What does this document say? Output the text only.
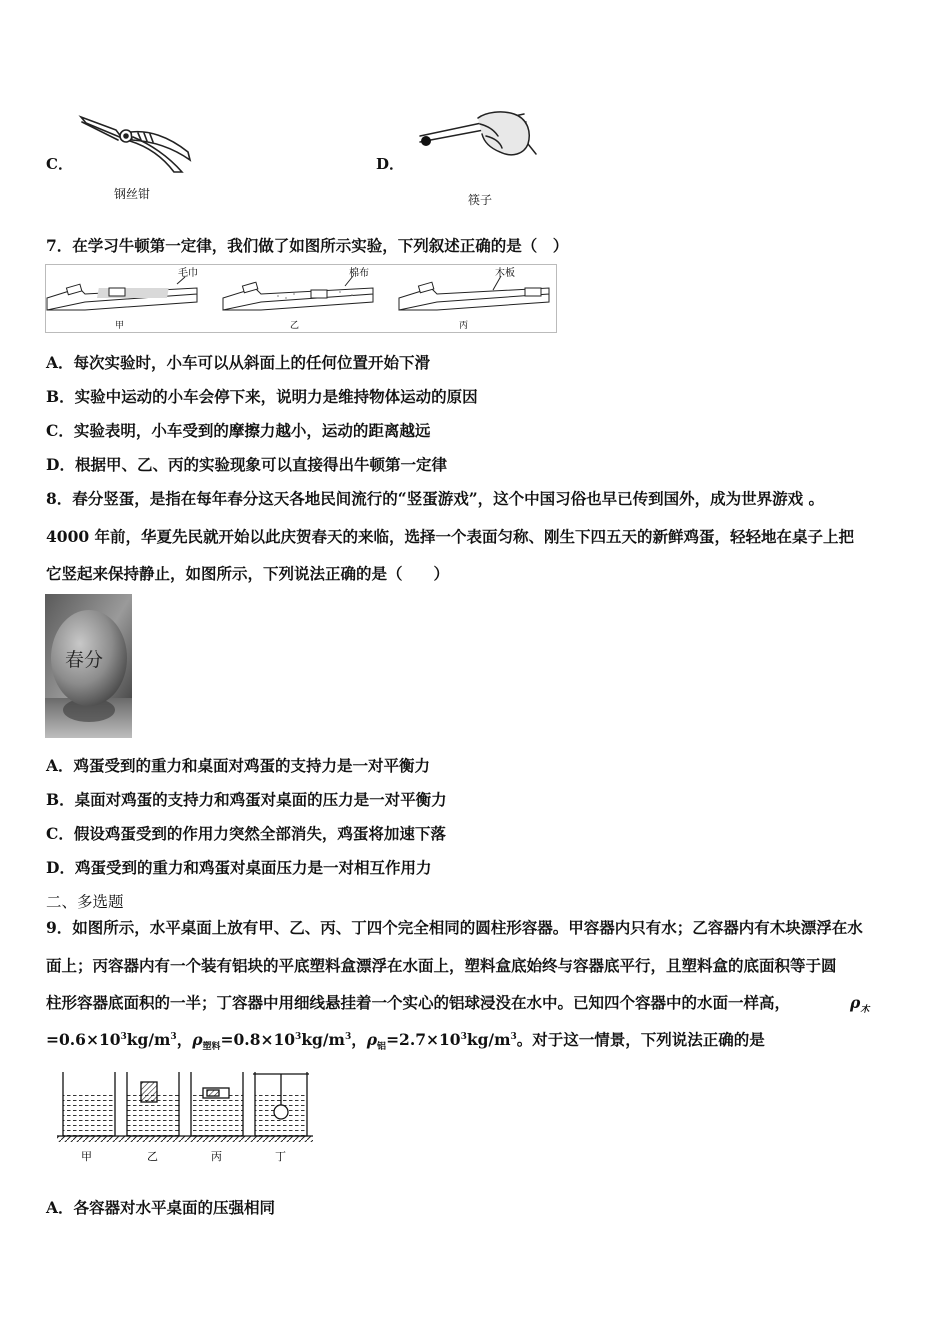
C．
钢丝钳
D．
筷子
7．在学习牛顿第一定律，我们做了如图所示实验，下列叙述正确的是（　）
毛巾	棉布	木板
甲	乙	丙
A．每次实验时，小车可以从斜面上的任何位置开始下滑
B．实验中运动的小车会停下来，说明力是维持物体运动的原因
C．实验表明，小车受到的摩擦力越小，运动的距离越远
D．根据甲、乙、丙的实验现象可以直接得出牛顿第一定律
8．春分竖蛋，是指在每年春分这天各地民间流行的“竖蛋游戏”，这个中国习俗也早已传到国外，成为世界游戏 。
4000 年前，华夏先民就开始以此庆贺春天的来临，选择一个表面匀称、刚生下四五天的新鲜鸡蛋，轻轻地在桌子上把
它竖起来保持静止，如图所示，下列说法正确的是（　　）
春分
A．鸡蛋受到的重力和桌面对鸡蛋的支持力是一对平衡力
B．桌面对鸡蛋的支持力和鸡蛋对桌面的压力是一对平衡力
C．假设鸡蛋受到的作用力突然全部消失，鸡蛋将加速下落
D．鸡蛋受到的重力和鸡蛋对桌面压力是一对相互作用力
二、多选题
9．如图所示，水平桌面上放有甲、乙、丙、丁四个完全相同的圆柱形容器。甲容器内只有水；乙容器内有木块漂浮在水
面上；丙容器内有一个装有铝块的平底塑料盒漂浮在水面上，塑料盒底始终与容器底平行，且塑料盒的底面积等于圆
柱形容器底面积的一半；丁容器中用细线悬挂着一个实心的铝球浸没在水中。已知四个容器中的水面一样高，	$\rho_木$
$=0.6\times 10^3kg/m^3$，$\rho_{塑料}=0.8\times 10^3kg/m^3$，$\rho_铝=2.7\times 10^3kg/m^3$。对于这一情景，下列说法正确的是
甲	乙	丙	丁
A．各容器对水平桌面的压强相同
